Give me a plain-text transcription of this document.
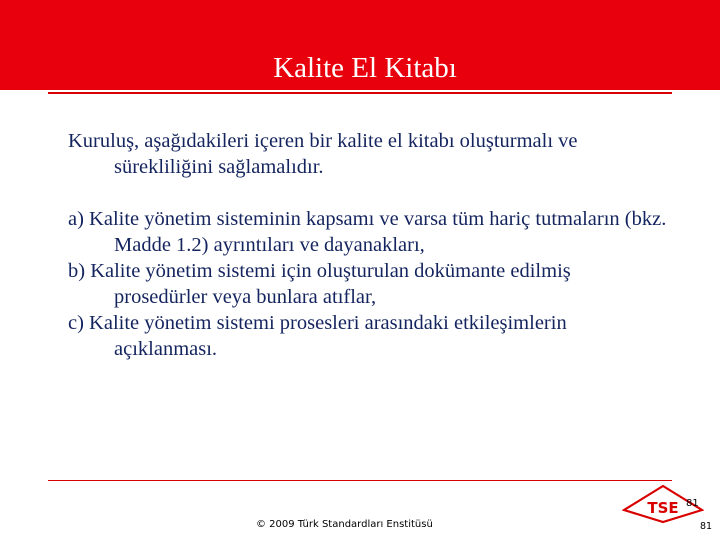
Kalite El Kitabı

Kuruluş, aşağıdakileri içeren bir kalite el kitabı oluşturmalı ve sürekliliğini sağlamalıdır.

a) Kalite yönetim sisteminin kapsamı ve varsa tüm hariç tutmaların (bkz. Madde 1.2) ayrıntıları ve dayanakları,

b) Kalite yönetim sistemi için oluşturulan dokümante edilmiş prosedürler veya bunlara atıflar,

c) Kalite yönetim sistemi prosesleri arasındaki etkileşimlerin açıklanması.

TSE 81
© 2009 Türk Standardları Enstitüsü	81
